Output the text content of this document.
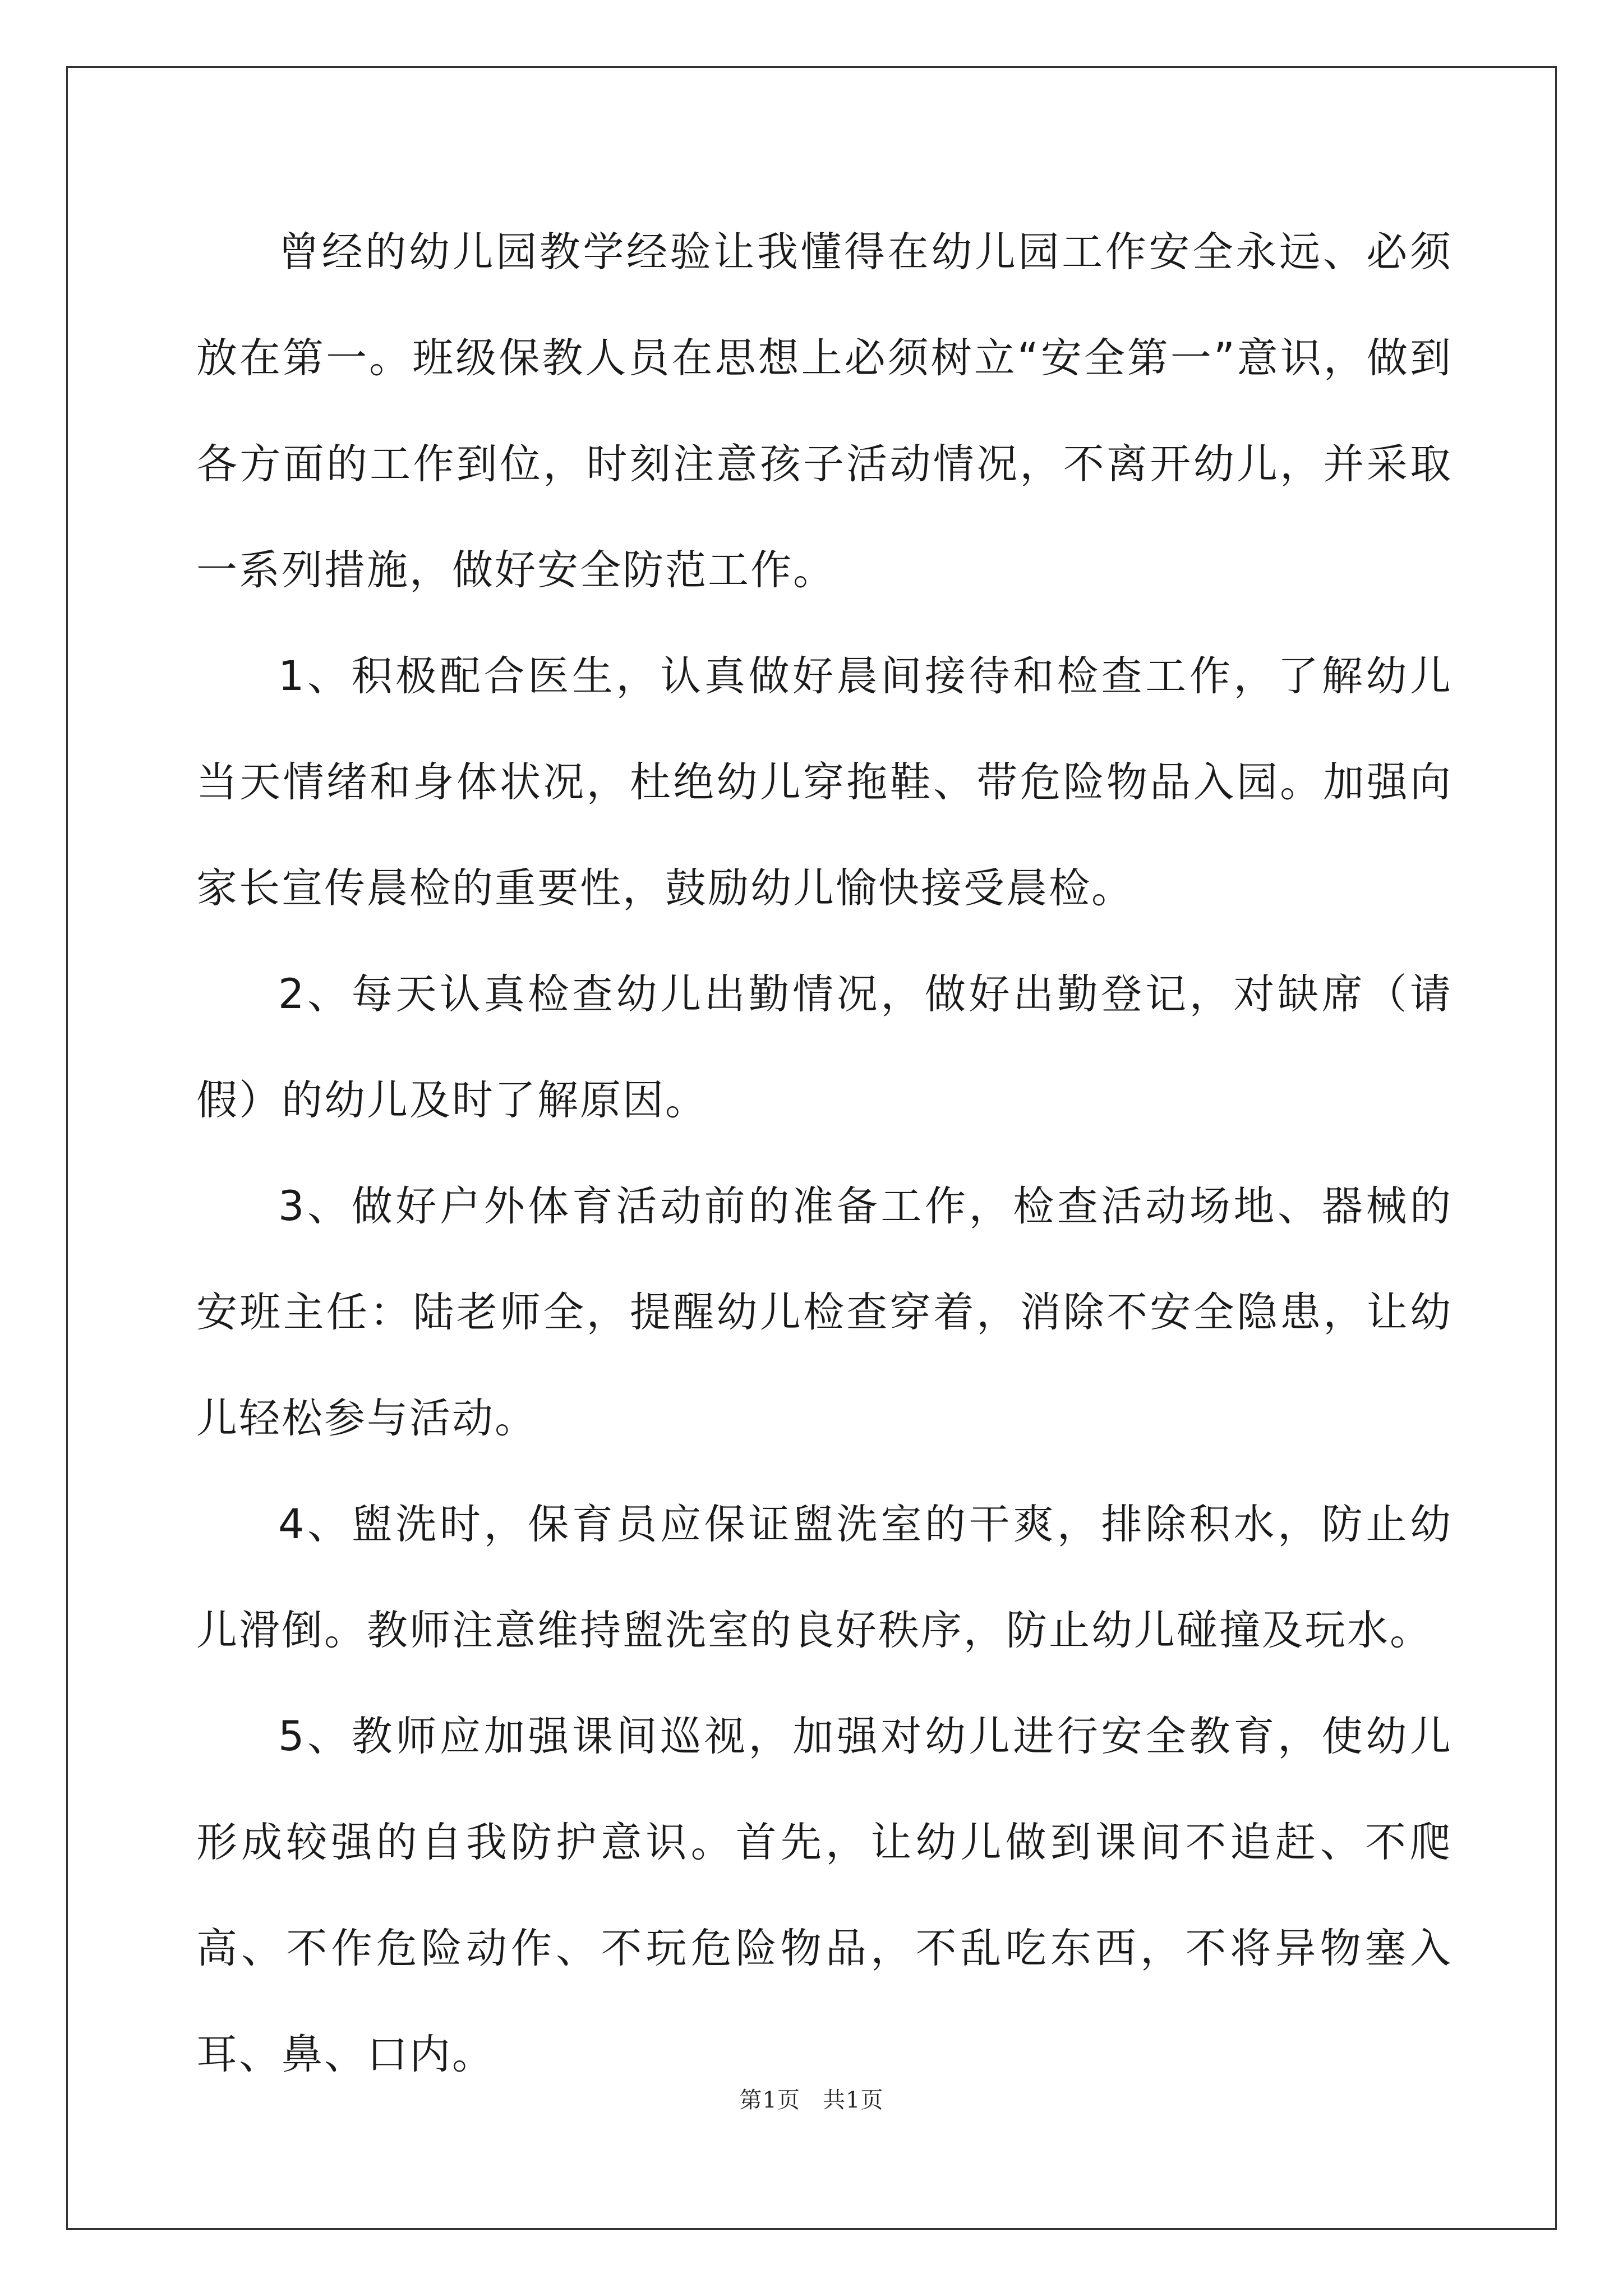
曾经的幼儿园教学经验让我懂得在幼儿园工作安全永远、必须放在第一。班级保教人员在思想上必须树立“安全第一”意识，做到各方面的工作到位，时刻注意孩子活动情况，不离开幼儿，并采取一系列措施，做好安全防范工作。

1、积极配合医生，认真做好晨间接待和检查工作，了解幼儿当天情绪和身体状况，杜绝幼儿穿拖鞋、带危险物品入园。加强向家长宣传晨检的重要性，鼓励幼儿愉快接受晨检。

2、每天认真检查幼儿出勤情况，做好出勤登记，对缺席（请假）的幼儿及时了解原因。

3、做好户外体育活动前的准备工作，检查活动场地、器械的安班主任：陆老师全，提醒幼儿检查穿着，消除不安全隐患，让幼儿轻松参与活动。

4、盥洗时，保育员应保证盥洗室的干爽，排除积水，防止幼儿滑倒。教师注意维持盥洗室的良好秩序，防止幼儿碰撞及玩水。

5、教师应加强课间巡视，加强对幼儿进行安全教育，使幼儿形成较强的自我防护意识。首先，让幼儿做到课间不追赶、不爬高、不作危险动作、不玩危险物品，不乱吃东西，不将异物塞入耳、鼻、口内。

第1页 共1页
